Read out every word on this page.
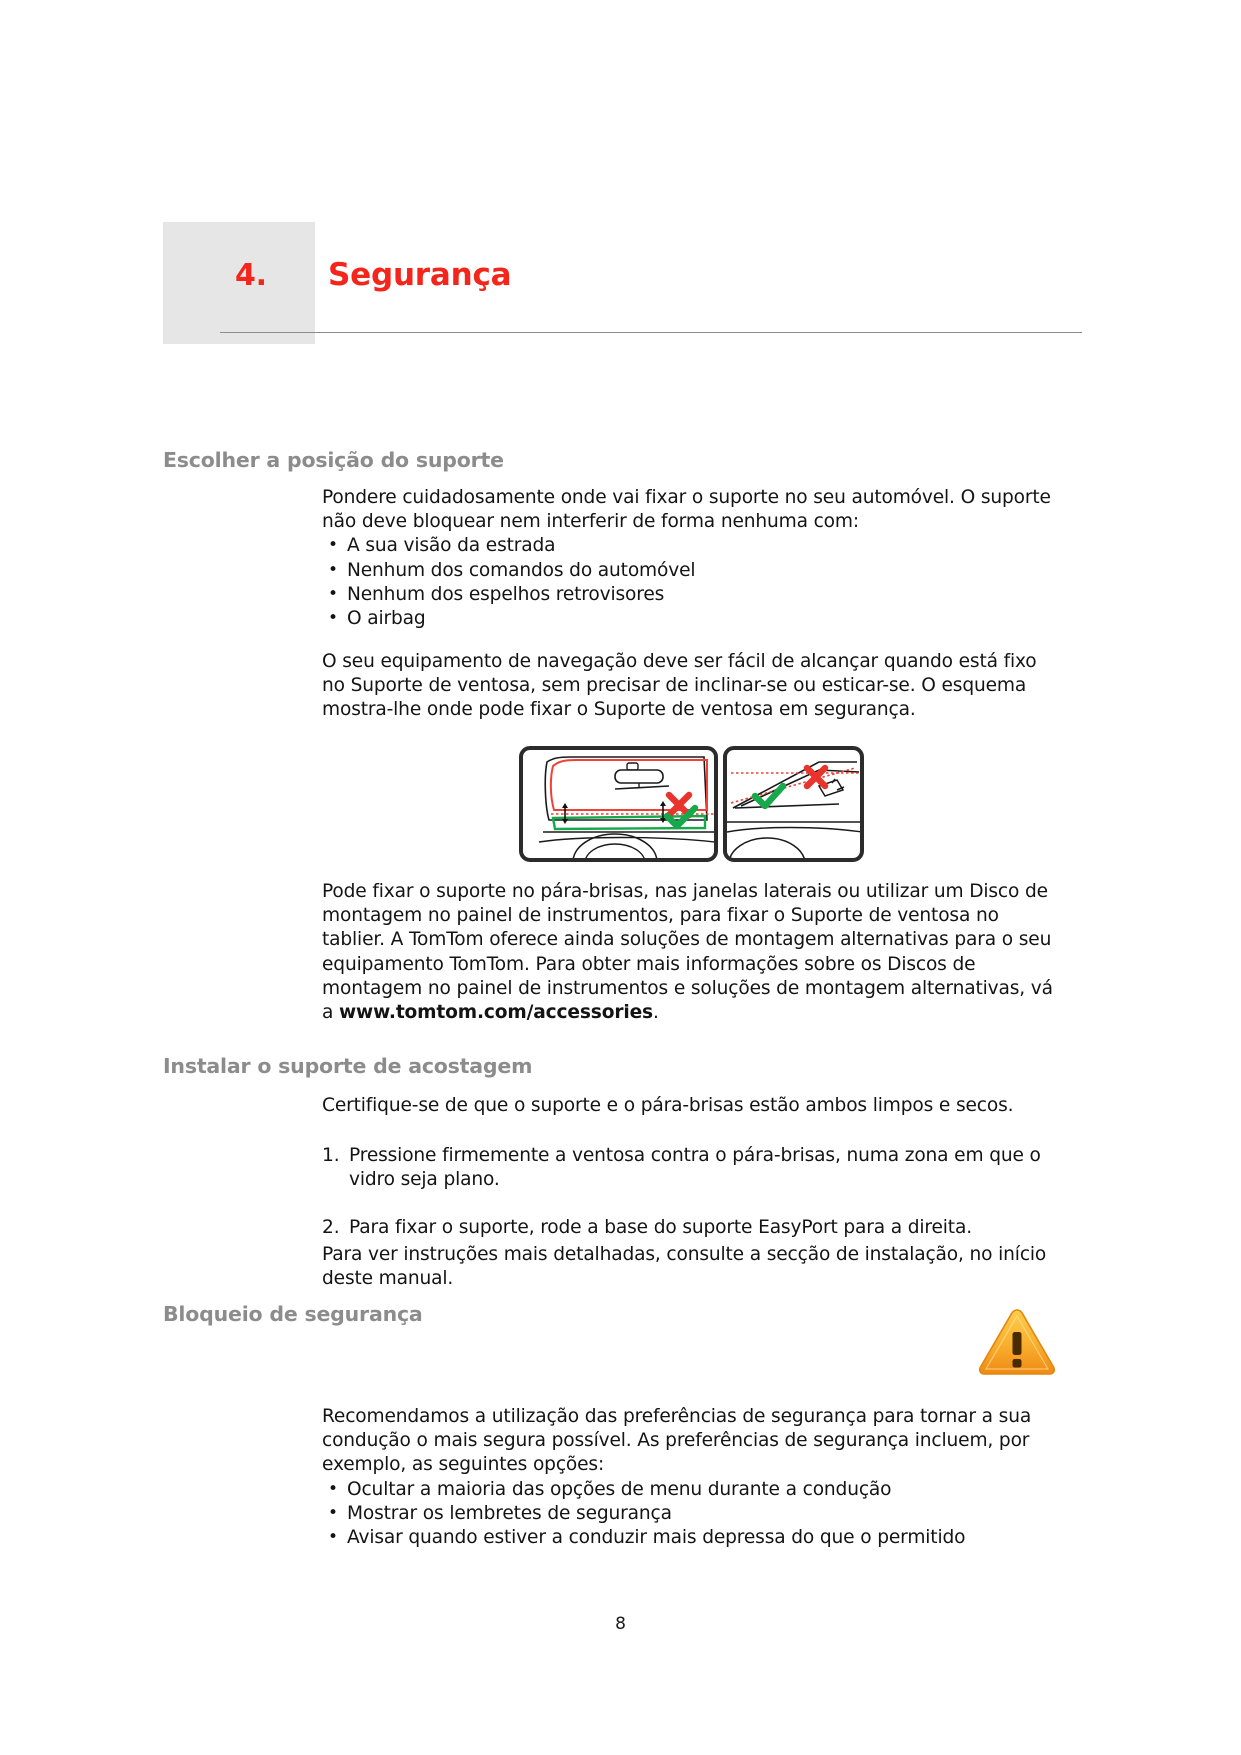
4. Segurança
Escolher a posição do suporte

Pondere cuidadosamente onde vai fixar o suporte no seu automóvel. O suporte não deve bloquear nem interferir de forma nenhuma com:

• A sua visão da estrada
• Nenhum dos comandos do automóvel
• Nenhum dos espelhos retrovisores
• O airbag

O seu equipamento de navegação deve ser fácil de alcançar quando está fixo no Suporte de ventosa, sem precisar de inclinar-se ou esticar-se. O esquema mostra-lhe onde pode fixar o Suporte de ventosa em segurança.

Pode fixar o suporte no pára-brisas, nas janelas laterais ou utilizar um Disco de montagem no painel de instrumentos, para fixar o Suporte de ventosa no tablier. A TomTom oferece ainda soluções de montagem alternativas para o seu equipamento TomTom. Para obter mais informações sobre os Discos de montagem no painel de instrumentos e soluções de montagem alternativas, vá a www.tomtom.com/accessories.

Instalar o suporte de acostagem

Certifique-se de que o suporte e o pára-brisas estão ambos limpos e secos.

Pressione firmemente a ventosa contra o pára-brisas, numa zona em que o vidro seja plano.
Para fixar o suporte, rode a base do suporte EasyPort para a direita.

Para ver instruções mais detalhadas, consulte a secção de instalação, no início deste manual.

Bloqueio de segurança

Recomendamos a utilização das preferências de segurança para tornar a sua condução o mais segura possível. As preferências de segurança incluem, por exemplo, as seguintes opções:

• Ocultar a maioria das opções de menu durante a condução
• Mostrar os lembretes de segurança
• Avisar quando estiver a conduzir mais depressa do que o permitido
8
